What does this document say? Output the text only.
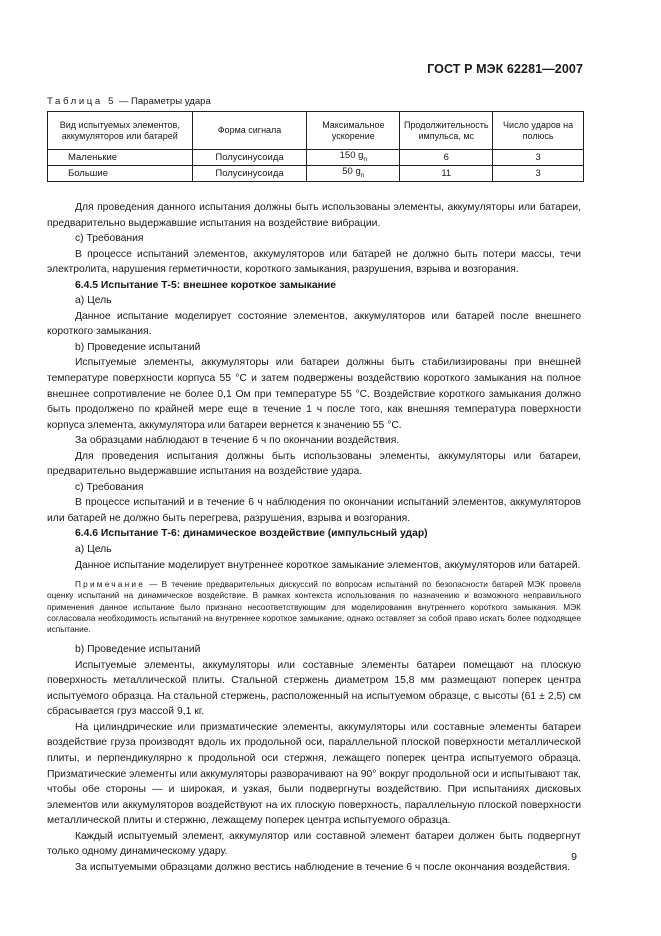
ГОСТ Р МЭК 62281—2007
Таблица 5 — Параметры удара
Вид испытуемых элементов, аккумуляторов или батарей	Форма сигнала	Максимальное ускорение	Продолжительность импульса, мс	Число ударов на полюсь
Маленькие	Полусинусоида	150 $g_n$	6	3
Большие	Полусинусоида	50 $g_n$	11	3

Для проведения данного испытания должны быть использованы элементы, аккумуляторы или батареи, предварительно выдержавшие испытания на воздействие вибрации.

c) Требования

В процессе испытаний элементов, аккумуляторов или батарей не должно быть потери массы, течи электролита, нарушения герметичности, короткого замыкания, разрушения, взрыва и возгорания.

6.4.5 Испытание Т-5: внешнее короткое замыкание

a) Цель

Данное испытание моделирует состояние элементов, аккумуляторов или батарей после внешнего короткого замыкания.

b) Проведение испытаний

Испытуемые элементы, аккумуляторы или батареи должны быть стабилизированы при внешней температуре поверхности корпуса 55 °С и затем подвержены воздействию короткого замыкания на полное внешнее сопротивление не более 0,1 Ом при температуре 55 °С. Воздействие короткого замыкания должно быть продолжено по крайней мере еще в течение 1 ч после того, как внешняя температура поверхности корпуса элемента, аккумулятора или батареи вернется к значению 55 °С.

За образцами наблюдают в течение 6 ч по окончании воздействия.

Для проведения испытания должны быть использованы элементы, аккумуляторы или батареи, предварительно выдержавшие испытания на воздействие удара.

c) Требования

В процессе испытаний и в течение 6 ч наблюдения по окончании испытаний элементов, аккумуляторов или батарей не должно быть перегрева, разрушения, взрыва и возгорания.

6.4.6 Испытание Т-6: динамическое воздействие (импульсный удар)

a) Цель

Данное испытание моделирует внутреннее короткое замыкание элементов, аккумуляторов или батарей.

Примечание — В течение предварительных дискуссий по вопросам испытаний по безопасности батарей МЭК провела оценку испытаний на динамическое воздействие. В рамках контекста использования по назначению и возможного неправильного применения данное испытание было признано несоответствующим для моделирования внутреннего короткого замыкания. МЭК согласовала необходимость испытаний на внутреннее короткое замыкание, однако оставляет за собой право искать более подходящее испытание.

b) Проведение испытаний

Испытуемые элементы, аккумуляторы или составные элементы батареи помещают на плоскую поверхность металлической плиты. Стальной стержень диаметром 15,8 мм размещают поперек центра испытуемого образца. На стальной стержень, расположенный на испытуемом образце, с высоты (61 ± 2,5) см сбрасывается груз массой 9,1 кг.

На цилиндрические или призматические элементы, аккумуляторы или составные элементы батареи воздействие груза производят вдоль их продольной оси, параллельной плоской поверхности металлической плиты, и перпендикулярно к продольной оси стержня, лежащего поперек центра испытуемого образца. Призматические элементы или аккумуляторы разворачивают на 90° вокруг продольной оси и испытывают так, чтобы обе стороны — и широкая, и узкая, были подвергнуты воздействию. При испытаниях дисковых элементов или аккумуляторов воздействуют на их плоскую поверхность, параллельную плоской поверхности металлической плиты и стержню, лежащему поперек центра испытуемого образца.

Каждый испытуемый элемент, аккумулятор или составной элемент батареи должен быть подвергнут только одному динамическому удару.

За испытуемыми образцами должно вестись наблюдение в течение 6 ч после окончания воздействия.

9
